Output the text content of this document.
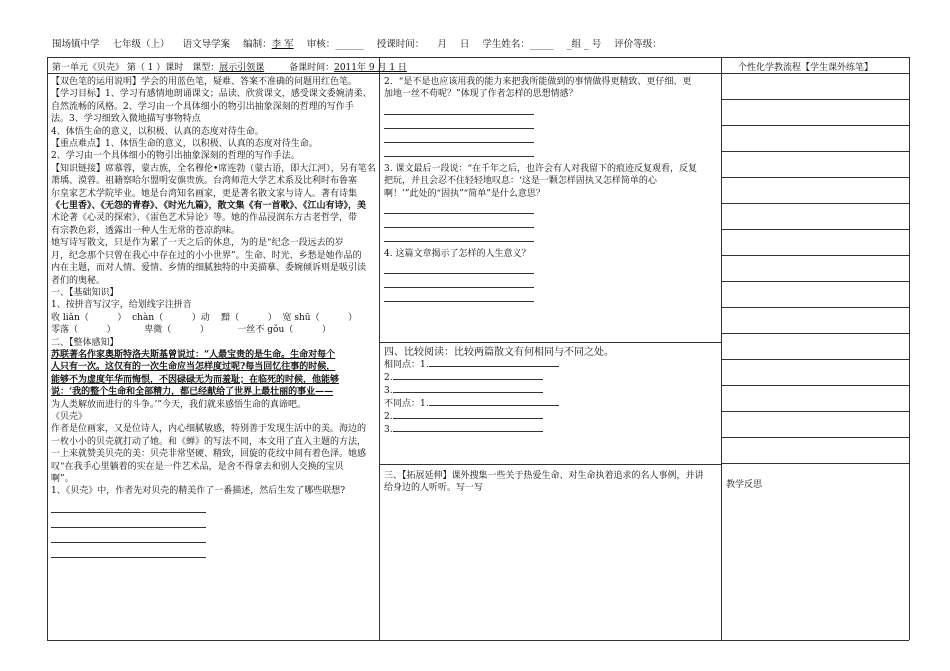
围场镇中学 七年级（上） 语文导学案 编制：李 军 审核：______ 授课时间： 月 日 学生姓名：_____ _组 _ 号 评价等级：
第一单元《贝壳》 第（ 1 ）课时 课型：展示引领课	备课时间：2011年 9 月 1 日	个性化学教流程【学生课外练笔】

【双色笔的运用说明】学会的用蓝色笔，疑难、答案不准确的问题用红色笔。

【学习目标】1、学习有感情地朗诵课文；品读、欣赏课文，感受课文委婉清柔、

自然流畅的风格。2、学习由一个具体细小的物引出抽象深刻的哲理的写作手

法。3、学习细致入微地描写事物特点

4、体悟生命的意义，以积极、认真的态度对待生命。

【重点难点】1、体悟生命的意义，以积极、认真的态度对待生命。

2、学习由一个具体细小的物引出抽象深刻的哲理的写作手法。

【知识链接】席慕蓉，蒙古族，全名穆伦•席连勃（蒙古语，即大江河），另有笔名

萧瑀、漠蓉。祖籍察哈尔盟明安旗贵族。台湾师范大学艺术系及比利时布鲁塞

尔皇家艺术学院毕业。她是台湾知名画家，更是著名散文家与诗人。著有诗集

《七里香》、《无怨的青春》、《时光九篇》，散文集《有一首歌》、《江山有诗》，美

术论著《心灵的探索》、《雷色艺术异论》等。她的作品浸润东方古老哲学，带

有宗教色彩，透露出一种人生无常的苍凉韵味。

她写诗写散文，只是作为累了一天之后的休息，为的是“纪念一段远去的岁

月，纪念那个只曾在我心中存在过的小小世界”。生命、时光、乡愁是她作品的

内在主题，而对人情、爱情、乡情的细腻独特的中美描摹、委婉倾诉则是吸引读

者们的奥秘。

一、【基础知识】

1、按拼音写汉字，给划线字注拼音

收 liǎn（          ）  chàn（          ）动    黯（          ）  宽 shū（          ）

零落（          ）          卑微（          ）          一丝不 gǒu（          ）

二、【整体感知】

苏联著名作家奥斯特洛夫斯基曾说过：“人最宝贵的是生命。生命对每个

人只有一次。这仅有的一次生命应当怎样度过呢?每当回忆往事的时候，

能够不为虚度年华而悔恨，不因碌碌无为而羞耻；在临死的时候，他能够

说：‘我的整个生命和全部精力，都已经献给了世界上最壮丽的事业——

为人类解放而进行的斗争。’”今天，我们就来感悟生命的真谛吧。

《贝壳》

作者是位画家，又是位诗人，内心细腻敏感，特别善于发现生活中的美。海边的

一枚小小的贝壳就打动了她。和《蝉》的写法不同，本文用了直入主题的方法，

一上来就赞美贝壳的美：贝壳非常坚硬、精致，回旋的花纹中间有着色泽。她感

叹“在我手心里躺着的实在是一件艺术品，是舍不得拿去和别人交换的宝贝

啊”。

1、《贝壳》中，作者先对贝壳的精美作了一番描述，然后生发了哪些联想?

2．“是不是也应该用我的能力来把我所能做到的事情做得更精致、更仔细、更

加地一丝不苟呢？”体现了作者怎样的思想情感？

3. 课文最后一段说：“在千年之后，也许会有人对我留下的痕迹反复观看，反复

把玩，并且会忍不住轻轻地叹息：‘这是一颗怎样固执又怎样简单的心

啊！’”此处的“固执”“简单”是什么意思？

4. 这篇文章揭示了怎样的人生意义？

四、比较阅读：比较两篇散文有何相同与不同之处。

相同点：1.

2.

3.

不同点：1.

2.

3.

三、【拓展延伸】课外搜集一些关于热爱生命、对生命执着追求的名人事例，并讲

给身边的人听听。写一写	教学反思
